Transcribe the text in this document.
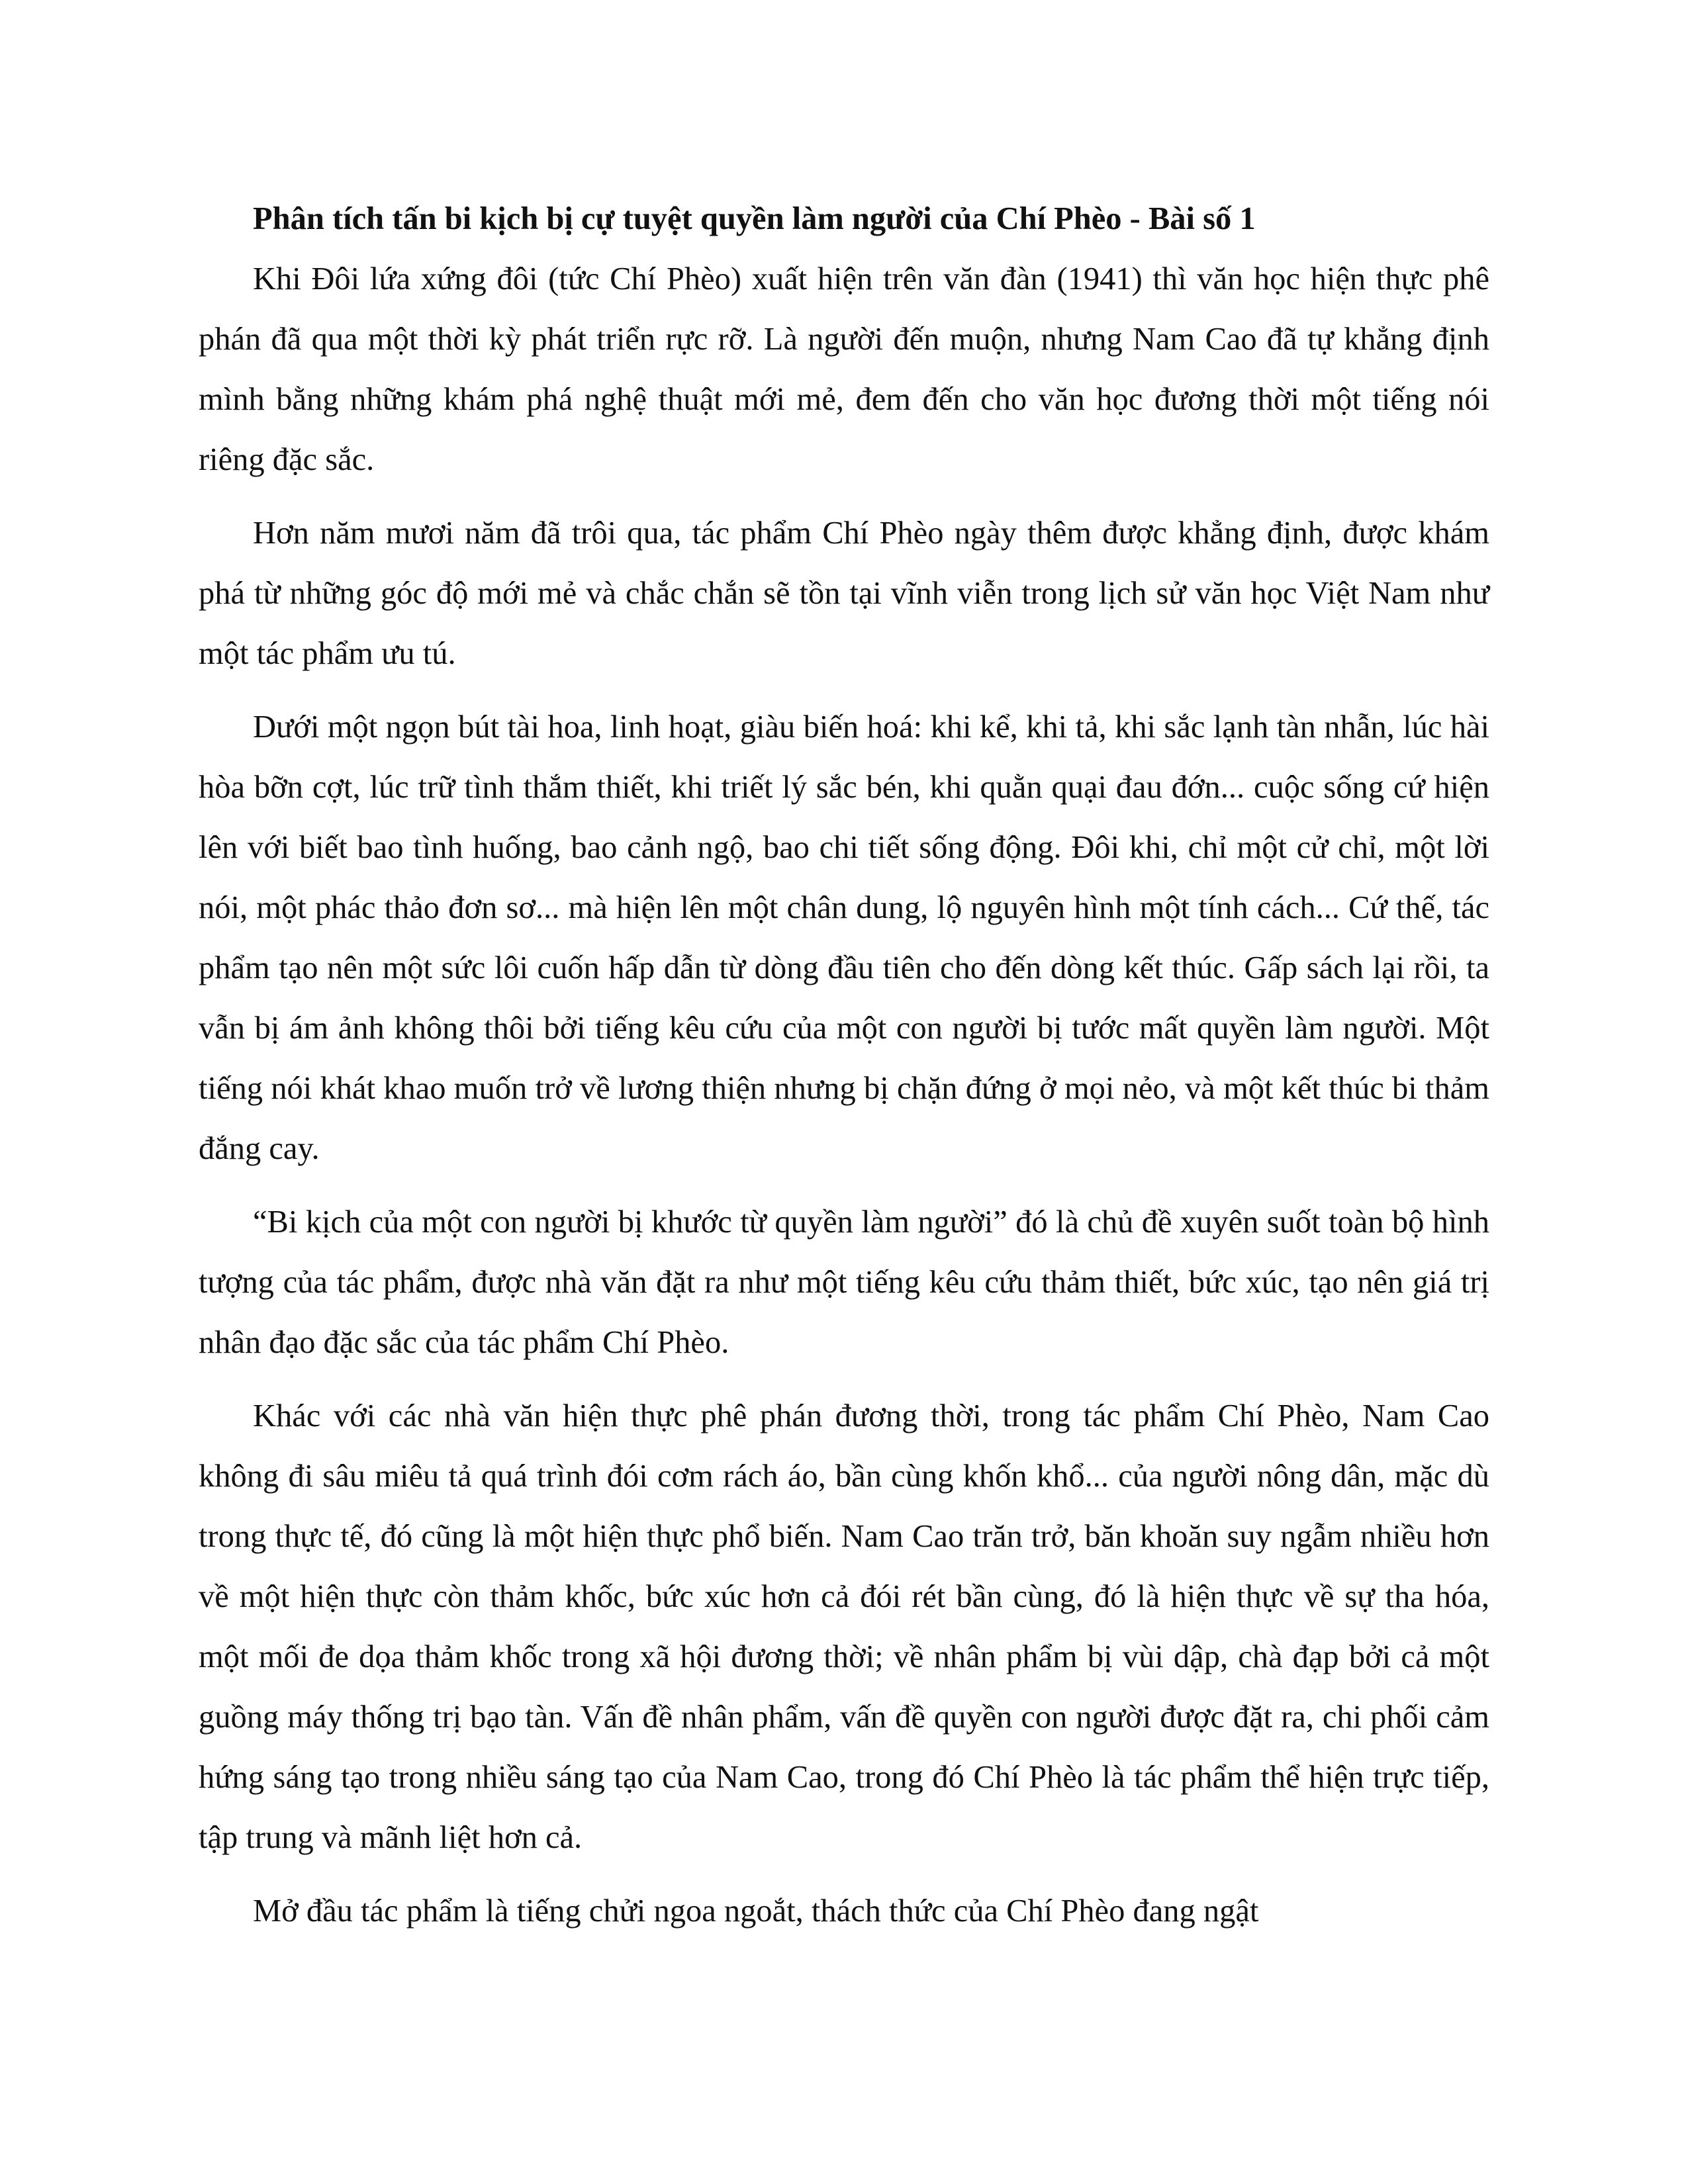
Phân tích tấn bi kịch bị cự tuyệt quyền làm người của Chí Phèo - Bài số 1

Khi Đôi lứa xứng đôi (tức Chí Phèo) xuất hiện trên văn đàn (1941) thì văn học hiện thực phê phán đã qua một thời kỳ phát triển rực rỡ. Là người đến muộn, nhưng Nam Cao đã tự khẳng định mình bằng những khám phá nghệ thuật mới mẻ, đem đến cho văn học đương thời một tiếng nói riêng đặc sắc.

Hơn năm mươi năm đã trôi qua, tác phẩm Chí Phèo ngày thêm được khẳng định, được khám phá từ những góc độ mới mẻ và chắc chắn sẽ tồn tại vĩnh viễn trong lịch sử văn học Việt Nam như một tác phẩm ưu tú.

Dưới một ngọn bút tài hoa, linh hoạt, giàu biến hoá: khi kể, khi tả, khi sắc lạnh tàn nhẫn, lúc hài hòa bỡn cợt, lúc trữ tình thắm thiết, khi triết lý sắc bén, khi quằn quại đau đớn... cuộc sống cứ hiện lên với biết bao tình huống, bao cảnh ngộ, bao chi tiết sống động. Đôi khi, chỉ một cử chỉ, một lời nói, một phác thảo đơn sơ... mà hiện lên một chân dung, lộ nguyên hình một tính cách... Cứ thế, tác phẩm tạo nên một sức lôi cuốn hấp dẫn từ dòng đầu tiên cho đến dòng kết thúc. Gấp sách lại rồi, ta vẫn bị ám ảnh không thôi bởi tiếng kêu cứu của một con người bị tước mất quyền làm người. Một tiếng nói khát khao muốn trở về lương thiện nhưng bị chặn đứng ở mọi nẻo, và một kết thúc bi thảm đắng cay.

“Bi kịch của một con người bị khước từ quyền làm người” đó là chủ đề xuyên suốt toàn bộ hình tượng của tác phẩm, được nhà văn đặt ra như một tiếng kêu cứu thảm thiết, bức xúc, tạo nên giá trị nhân đạo đặc sắc của tác phẩm Chí Phèo.

Khác với các nhà văn hiện thực phê phán đương thời, trong tác phẩm Chí Phèo, Nam Cao không đi sâu miêu tả quá trình đói cơm rách áo, bần cùng khốn khổ... của người nông dân, mặc dù trong thực tế, đó cũng là một hiện thực phổ biến. Nam Cao trăn trở, băn khoăn suy ngẫm nhiều hơn về một hiện thực còn thảm khốc, bức xúc hơn cả đói rét bần cùng, đó là hiện thực về sự tha hóa, một mối đe dọa thảm khốc trong xã hội đương thời; về nhân phẩm bị vùi dập, chà đạp bởi cả một guồng máy thống trị bạo tàn. Vấn đề nhân phẩm, vấn đề quyền con người được đặt ra, chi phối cảm hứng sáng tạo trong nhiều sáng tạo của Nam Cao, trong đó Chí Phèo là tác phẩm thể hiện trực tiếp, tập trung và mãnh liệt hơn cả.

Mở đầu tác phẩm là tiếng chửi ngoa ngoắt, thách thức của Chí Phèo đang ngật
